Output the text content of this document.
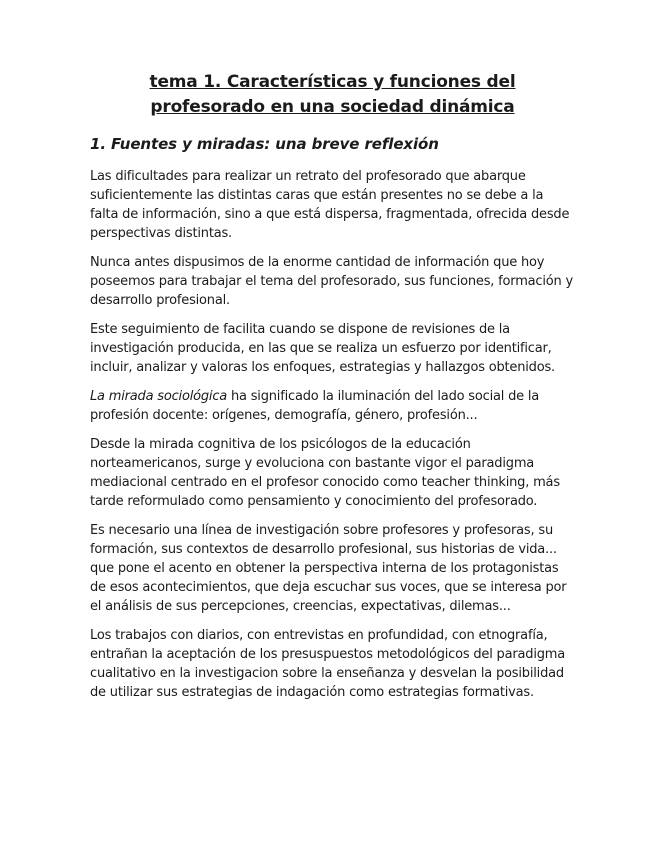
tema 1. Características y funciones del profesorado en una sociedad dinámica
1. Fuentes y miradas: una breve reflexión

Las dificultades para realizar un retrato del profesorado que abarque suficientemente las distintas caras que están presentes no se debe a la falta de información, sino a que está dispersa, fragmentada, ofrecida desde perspectivas distintas.

Nunca antes dispusimos de la enorme cantidad de información que hoy poseemos para trabajar el tema del profesorado, sus funciones, formación y desarrollo profesional.

Este seguimiento de facilita cuando se dispone de revisiones de la investigación producida, en las que se realiza un esfuerzo por identificar, incluir, analizar y valoras los enfoques, estrategias y hallazgos obtenidos.

La mirada sociológica ha significado la iluminación del lado social de la profesión docente: orígenes, demografía, género, profesión...

Desde la mirada cognitiva de los psicólogos de la educación norteamericanos, surge y evoluciona con bastante vigor el paradigma mediacional centrado en el profesor conocido como teacher thinking, más tarde reformulado como pensamiento y conocimiento del profesorado.

Es necesario una línea de investigación sobre profesores y profesoras, su formación, sus contextos de desarrollo profesional, sus historias de vida... que pone el acento en obtener la perspectiva interna de los protagonistas de esos acontecimientos, que deja escuchar sus voces, que se interesa por el análisis de sus percepciones, creencias, expectativas, dilemas...

Los trabajos con diarios, con entrevistas en profundidad, con etnografía, entrañan la aceptación de los presuspuestos metodológicos del paradigma cualitativo en la investigacion sobre la enseñanza y desvelan la posibilidad de utilizar sus estrategias de indagación como estrategias formativas.
